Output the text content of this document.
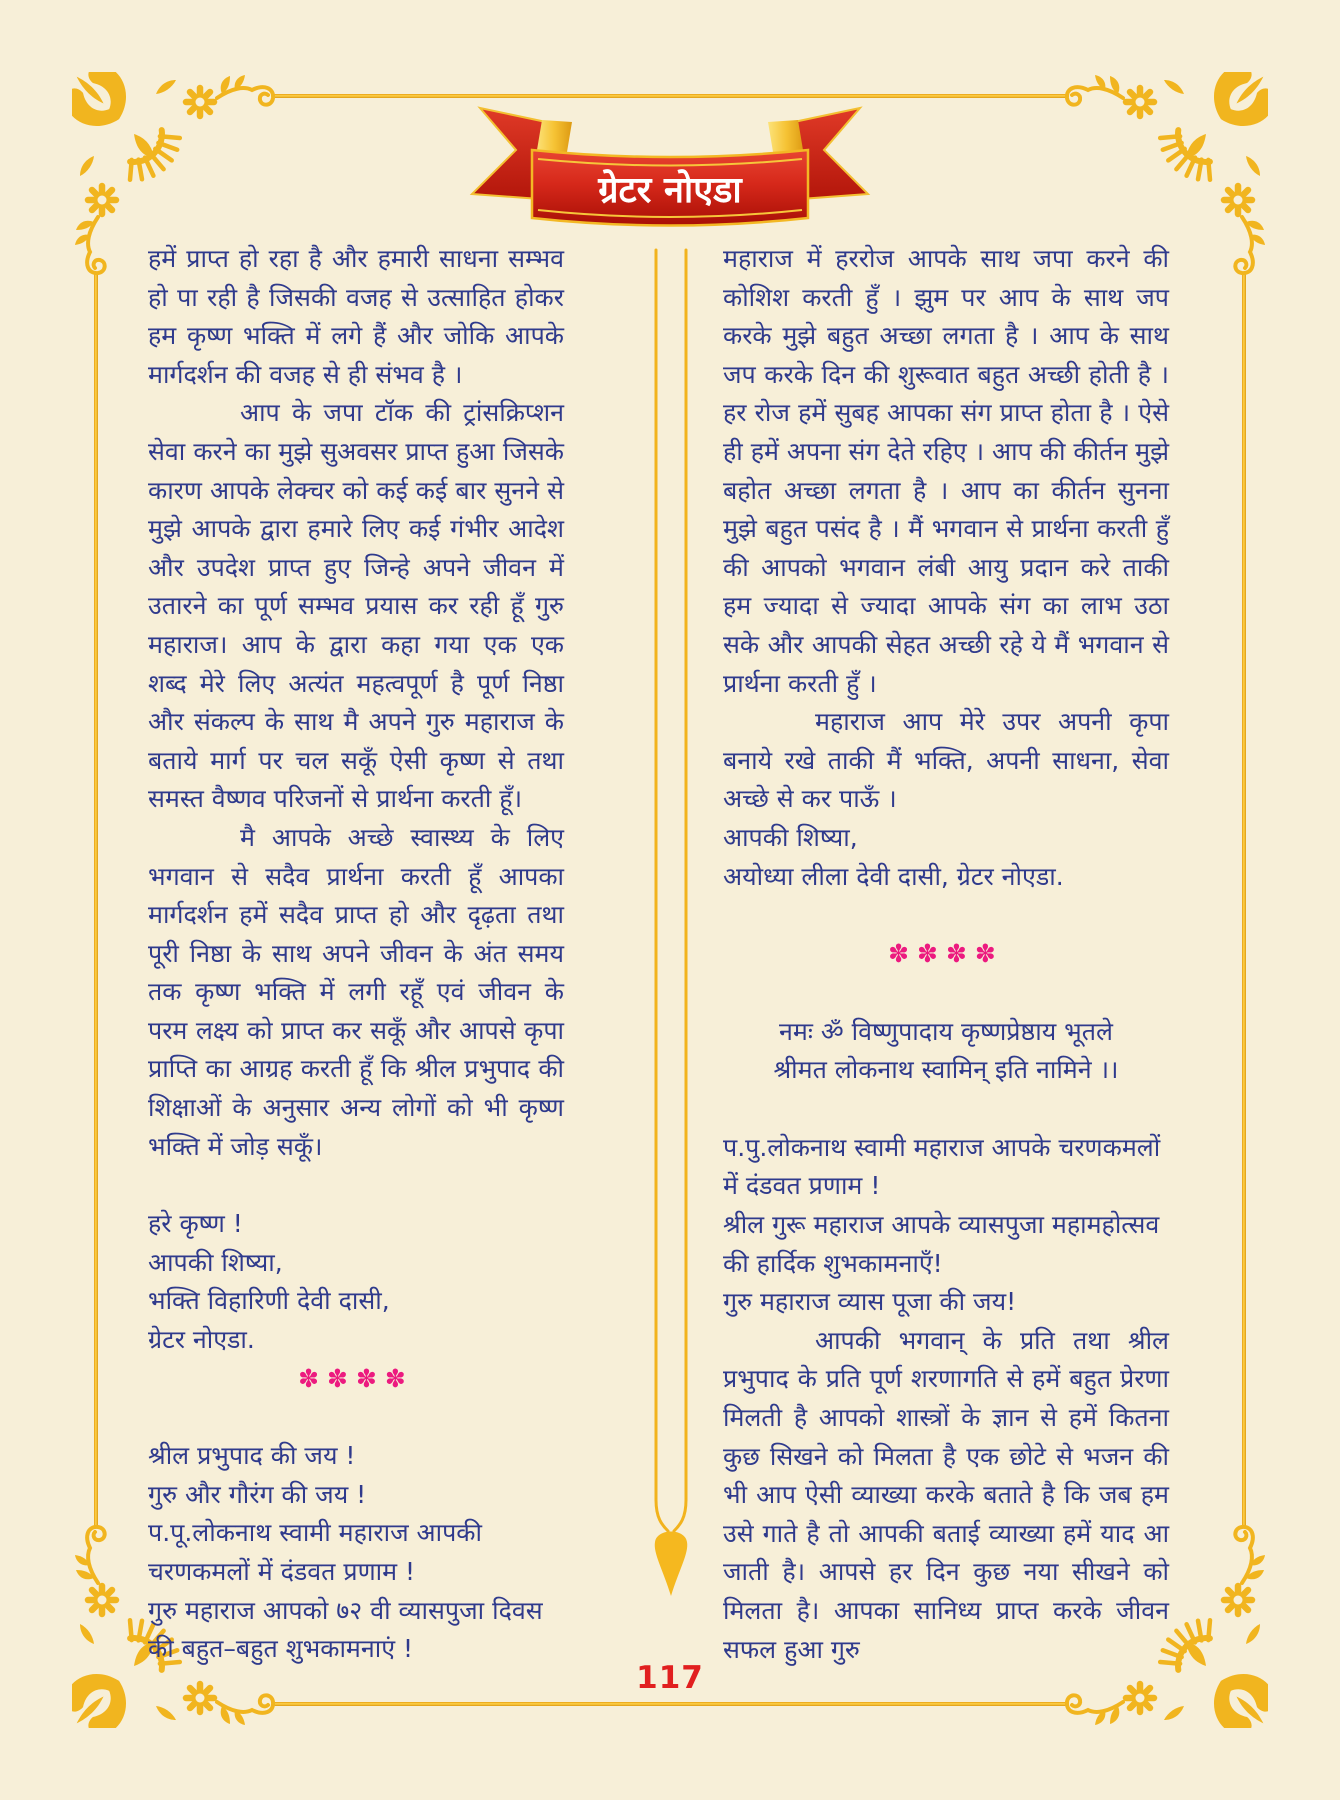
ग्रेटर नोएडा

हमें प्राप्त हो रहा है और हमारी साधना सम्भव हो पा रही है जिसकी वजह से उत्साहित होकर हम कृष्ण भक्ति में लगे हैं और जोकि आपके मार्गदर्शन की वजह से ही संभव है ।

आप के जपा टॉक की ट्रांसक्रिप्शन सेवा करने का मुझे सुअवसर प्राप्त हुआ जिसके कारण आपके लेक्चर को कई कई बार सुनने से मुझे आपके द्वारा हमारे लिए कई गंभीर आदेश और उपदेश प्राप्त हुए जिन्हे अपने जीवन में उतारने का पूर्ण सम्भव प्रयास कर रही हूँ गुरु महाराज। आप के द्वारा कहा गया एक एक शब्द मेरे लिए अत्यंत महत्वपूर्ण है पूर्ण निष्ठा और संकल्प के साथ मै अपने गुरु महाराज के बताये मार्ग पर चल सकूँ ऐसी कृष्ण से तथा समस्त वैष्णव परिजनों से प्रार्थना करती हूँ।

मै आपके अच्छे स्वास्थ्य के लिए भगवान से सदैव प्रार्थना करती हूँ आपका मार्गदर्शन हमें सदैव प्राप्त हो और दृढ़ता तथा पूरी निष्ठा के साथ अपने जीवन के अंत समय तक कृष्ण भक्ति में लगी रहूँ एवं जीवन के परम लक्ष्य को प्राप्त कर सकूँ और आपसे कृपा प्राप्ति का आग्रह करती हूँ कि श्रील प्रभुपाद की शिक्षाओं के अनुसार अन्य लोगों को भी कृष्ण भक्ति में जोड़ सकूँ।

हरे कृष्ण !
आपकी शिष्या,
भक्ति विहारिणी देवी दासी,
ग्रेटर नोएडा.
✽✽✽✽
श्रील प्रभुपाद की जय !
गुरु और गौरंग की जय !
प.पू.लोकनाथ स्वामी महाराज आपकी चरणकमलों में दंडवत प्रणाम !
गुरु महाराज आपको ७२ वी व्यासपुजा दिवस की बहुत–बहुत शुभकामनाएं !

महाराज में हररोज आपके साथ जपा करने की कोशिश करती हुँ । झुम पर आप के साथ जप करके मुझे बहुत अच्छा लगता है । आप के साथ जप करके दिन की शुरूवात बहुत अच्छी होती है । हर रोज हमें सुबह आपका संग प्राप्त होता है । ऐसे ही हमें अपना संग देते रहिए । आप की कीर्तन मुझे बहोत अच्छा लगता है । आप का कीर्तन सुनना मुझे बहुत पसंद है । मैं भगवान से प्रार्थना करती हुँ की आपको भगवान लंबी आयु प्रदान करे ताकी हम ज्यादा से ज्यादा आपके संग का लाभ उठा सके और आपकी सेहत अच्छी रहे ये मैं भगवान से प्रार्थना करती हुँ ।

महाराज आप मेरे उपर अपनी कृपा बनाये रखे ताकी मैं भक्ति, अपनी साधना, सेवा अच्छे से कर पाऊँ ।

आपकी शिष्या,
अयोध्या लीला देवी दासी, ग्रेटर नोएडा.
✽✽✽✽
नमः ॐ विष्णुपादाय कृष्णप्रेष्ठाय भूतले
श्रीमत लोकनाथ स्वामिन् इति नामिने ।।
प.पु.लोकनाथ स्वामी महाराज आपके चरणकमलों में दंडवत प्रणाम !
श्रील गुरू महाराज आपके व्यासपुजा महामहोत्सव की हार्दिक शुभकामनाएँ!
गुरु महाराज व्यास पूजा की जय!

आपकी भगवान् के प्रति तथा श्रील प्रभुपाद के प्रति पूर्ण शरणागति से हमें बहुत प्रेरणा मिलती है आपको शास्त्रों के ज्ञान से हमें कितना कुछ सिखने को मिलता है एक छोटे से भजन की भी आप ऐसी व्याख्या करके बताते है कि जब हम उसे गाते है तो आपकी बताई व्याख्या हमें याद आ जाती है। आपसे हर दिन कुछ नया सीखने को मिलता है। आपका सानिध्य प्राप्त करके जीवन सफल हुआ गुरु

117
